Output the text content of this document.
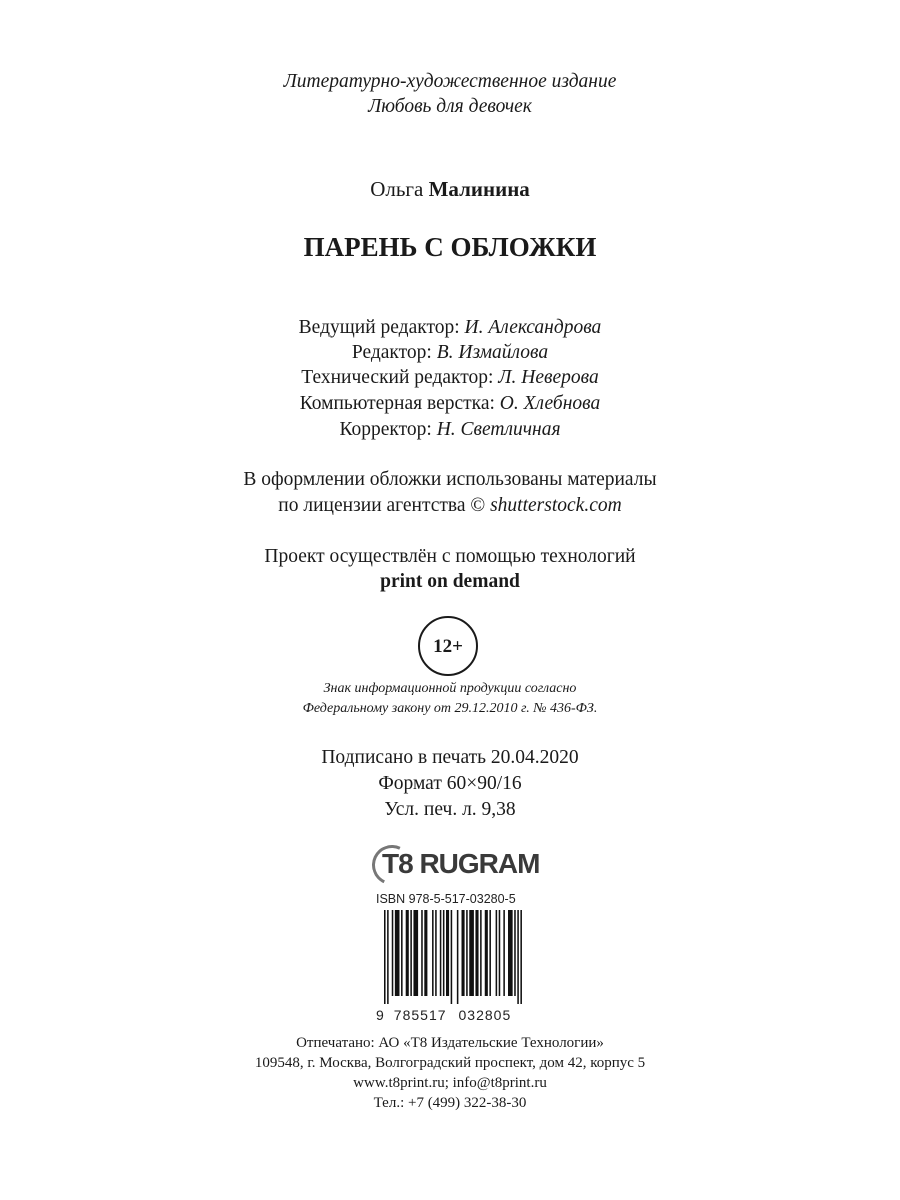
Литературно-художественное издание
Любовь для девочек
Ольга Малинина
ПАРЕНЬ С ОБЛОЖКИ
Ведущий редактор: И. Александрова
Редактор: В. Измайлова
Технический редактор: Л. Неверова
Компьютерная верстка: О. Хлебнова
Корректор: Н. Светличная
В оформлении обложки использованы материалы
по лицензии агентства © shutterstock.com
Проект осуществлён с помощью технологий
print on demand
12+
Знак информационной продукции согласно
Федеральному закону от 29.12.2010 г. № 436-ФЗ.
Подписано в печать 20.04.2020
Формат 60×90/16
Усл. печ. л. 9,38
T8 RUGRAM
ISBN 978-5-517-03280-5
9 785517 032805
Отпечатано: АО «Т8 Издательские Технологии»
109548, г. Москва, Волгоградский проспект, дом 42, корпус 5
www.t8print.ru; info@t8print.ru
Тел.: +7 (499) 322-38-30
